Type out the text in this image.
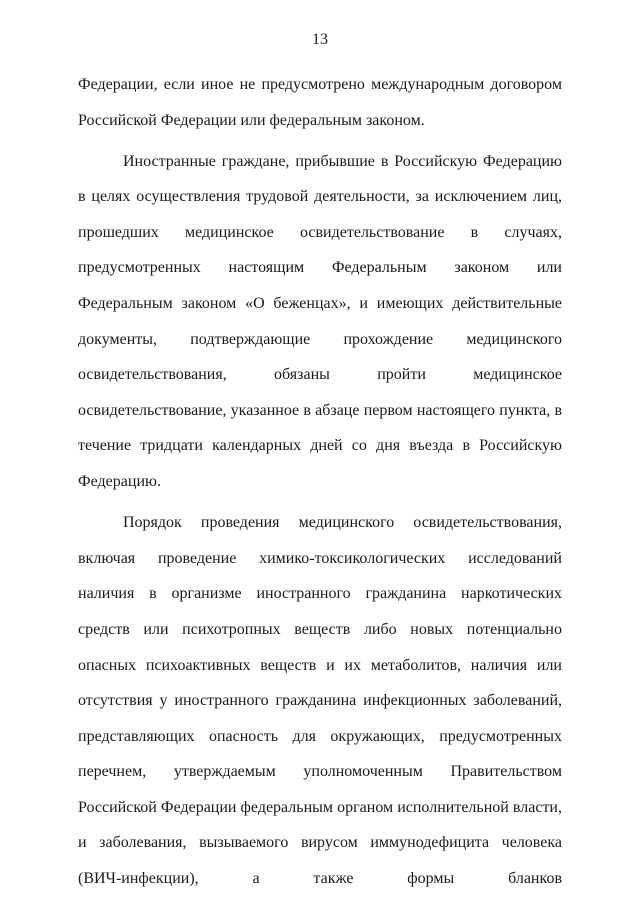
13

Федерации, если иное не предусмотрено международным договором Российской Федерации или федеральным законом.

Иностранные граждане, прибывшие в Российскую Федерацию в целях осуществления трудовой деятельности, за исключением лиц, прошедших медицинское освидетельствование в случаях, предусмотренных настоящим Федеральным законом или Федеральным законом «О беженцах», и имеющих действительные документы, подтверждающие прохождение медицинского освидетельствования, обязаны пройти медицинское освидетельствование, указанное в абзаце первом настоящего пункта, в течение тридцати календарных дней со дня въезда в Российскую Федерацию.

Порядок проведения медицинского освидетельствования, включая проведение химико-токсикологических исследований наличия в организме иностранного гражданина наркотических средств или психотропных веществ либо новых потенциально опасных психоактивных веществ и их метаболитов, наличия или отсутствия у иностранного гражданина инфекционных заболеваний, представляющих опасность для окружающих, предусмотренных перечнем, утверждаемым уполномоченным Правительством Российской Федерации федеральным органом исполнительной власти, и заболевания, вызываемого вирусом иммунодефицита человека (ВИЧ-инфекции), а также формы бланков
